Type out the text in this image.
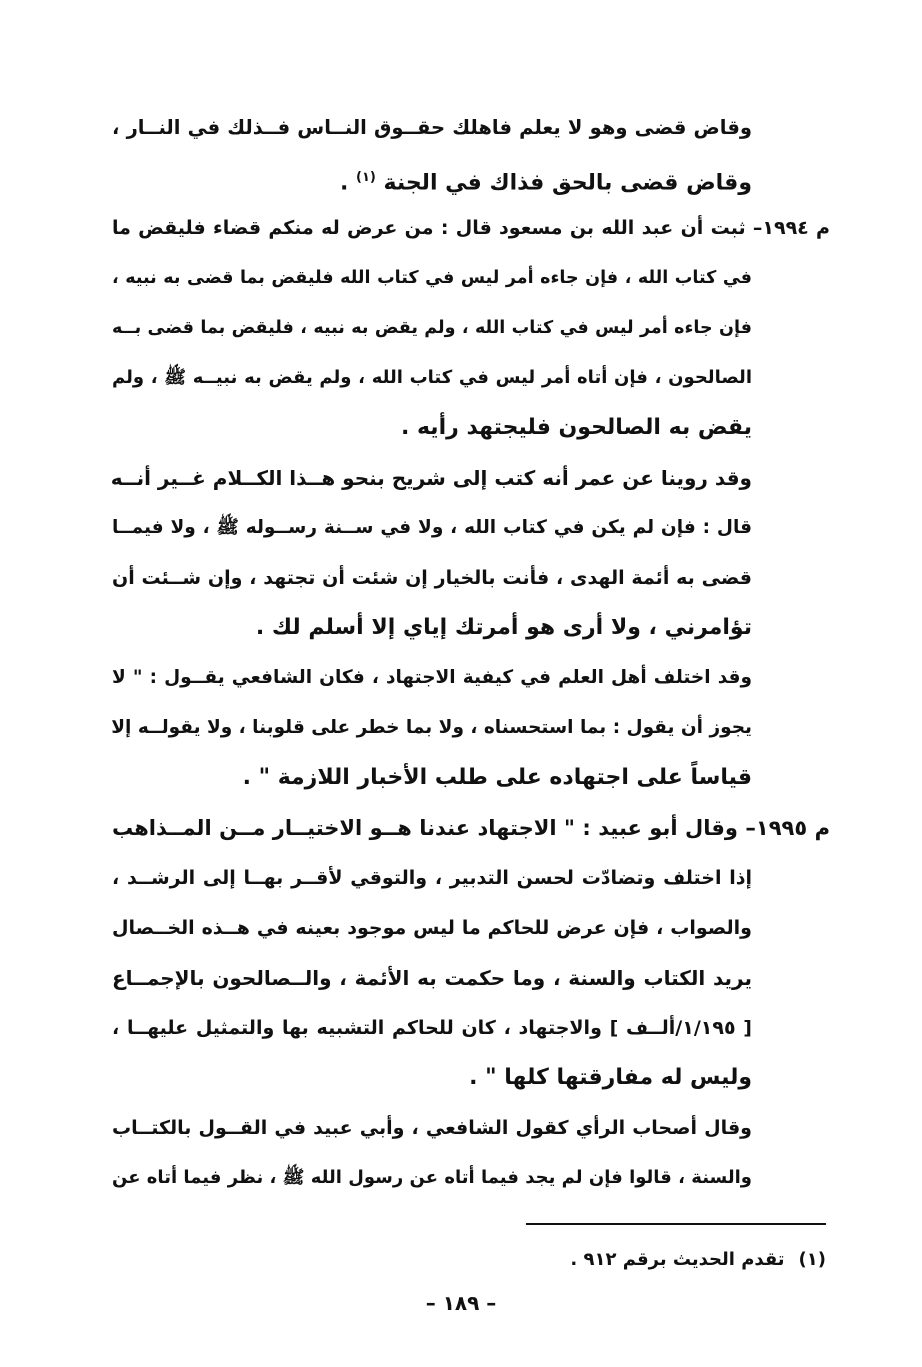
وقاض قضى وهو لا يعلم فاهلك حقــوق النــاس فــذلك في النــار ،
وقاض قضى بالحق فذاك في الجنة $^{(١)}$ .
م ١٩٩٤– ثبت أن عبد الله بن مسعود قال : من عرض له منكم قضاء فليقض ما
في كتاب الله ، فإن جاءه أمر ليس في كتاب الله فليقض بما قضى به نبيه ،
فإن جاءه أمر ليس في كتاب الله ، ولم يقض به نبيه ، فليقض بما قضى بــه
الصالحون ، فإن أتاه أمر ليس في كتاب الله ، ولم يقض به نبيــه ﷺ ، ولم
يقض به الصالحون فليجتهد رأيه .
وقد روينا عن عمر أنه كتب إلى شريح بنحو هــذا الكــلام غــير أنــه
قال : فإن لم يكن في كتاب الله ، ولا في ســنة رســوله ﷺ ، ولا فيمــا
قضى به أئمة الهدى ، فأنت بالخيار إن شئت أن تجتهد ، وإن شــئت أن
تؤامرني ، ولا أرى هو أمرتك إياي إلا أسلم لك .
وقد اختلف أهل العلم في كيفية الاجتهاد ، فكان الشافعي يقــول : " لا
يجوز أن يقول : بما استحسناه ، ولا بما خطر على قلوبنا ، ولا يقولــه إلا
قياساً على اجتهاده على طلب الأخبار اللازمة " .
م ١٩٩٥– وقال أبو عبيد : " الاجتهاد عندنا هــو الاختيــار مــن المــذاهب
إذا اختلف وتضادّت لحسن التدبير ، والتوقي لأقــر بهــا إلى الرشــد ،
والصواب ، فإن عرض للحاكم ما ليس موجود بعينه في هــذه الخــصال
يريد الكتاب والسنة ، وما حكمت به الأئمة ، والــصالحون بالإجمــاع
[ ١/١٩٥/ألــف ] والاجتهاد ، كان للحاكم التشبيه بها والتمثيل عليهــا ،
وليس له مفارقتها كلها " .
وقال أصحاب الرأي كقول الشافعي ، وأبي عبيد في القــول بالكتــاب
والسنة ، قالوا فإن لم يجد فيما أتاه عن رسول الله ﷺ ، نظر فيما أتاه عن
(١)تقدم الحديث برقم ٩١٢ .
– ١٨٩ –
